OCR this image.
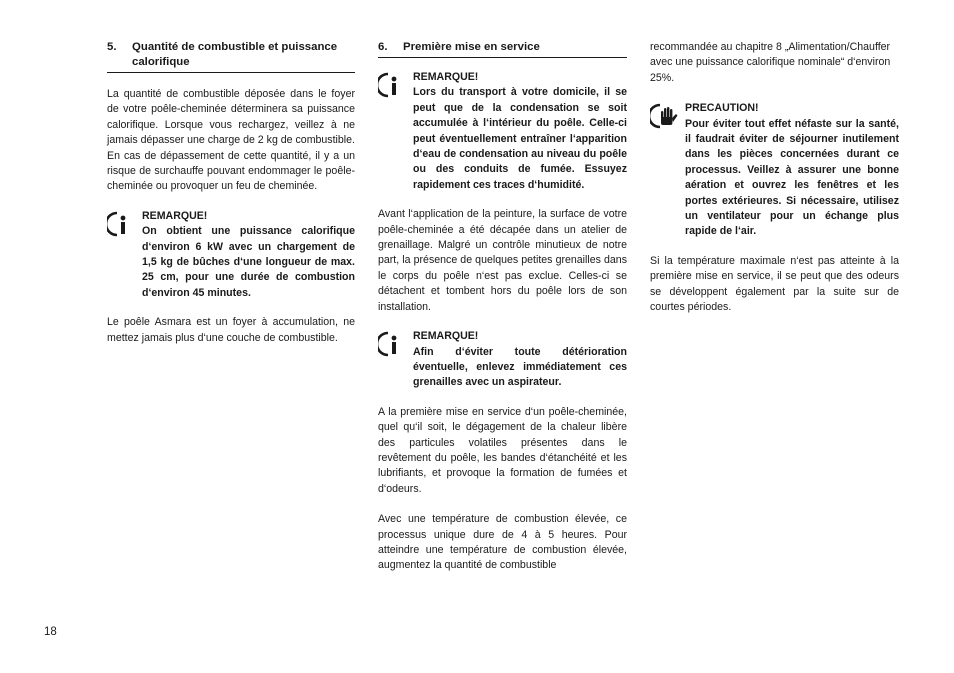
5.	Quantité de combustible et puissance calorifique

La quantité de combustible déposée dans le foyer de votre poêle-cheminée déterminera sa puissance calorifique. Lorsque vous rechargez, veillez à ne jamais dépasser une charge de 2 kg de combustible. En cas de dépassement de cette quantité, il y a un risque de surchauffe pouvant endommager le poêle-cheminée ou provoquer un feu de cheminée.

REMARQUE!
On obtient une puissance calorifique d‘environ 6 kW avec un chargement de 1,5 kg de bûches d‘une longueur de max. 25 cm, pour une durée de combustion d‘environ 45 minutes.

Le poêle Asmara est un foyer à accumulation, ne mettez jamais plus d‘une couche de combustible.

6.	Première mise en service
REMARQUE!
Lors du transport à votre domicile, il se peut que de la condensation se soit accumulée à l‘intérieur du poêle. Celle-ci peut éventuellement entraîner l‘apparition d‘eau de condensation au niveau du poêle ou des conduits de fumée. Essuyez rapidement ces traces d‘humidité.

Avant l‘application de la peinture, la surface de votre poêle-cheminée a été décapée dans un atelier de grenaillage. Malgré un contrôle minutieux de notre part, la présence de quelques petites grenailles dans le corps du poêle n‘est pas exclue. Celles-ci se détachent et tombent hors du poêle lors de son installation.

REMARQUE!
Afin d‘éviter toute détérioration éventuelle, enlevez immédiatement ces grenailles avec un aspirateur.

A la première mise en service d‘un poêle-cheminée, quel qu‘il soit, le dégagement de la chaleur libère des particules volatiles présentes dans le revêtement du poêle, les bandes d‘étanchéité et les lubrifiants, et provoque la formation de fumées et d‘odeurs.

Avec une température de combustion élevée, ce processus unique dure de 4 à 5 heures. Pour atteindre une température de combustion élevée, augmentez la quantité de combustible

recommandée au chapitre 8 „Alimentation/Chauffer avec une puissance calorifique nominale“ d‘environ 25%.

PRECAUTION!
Pour éviter tout effet néfaste sur la santé, il faudrait éviter de séjourner inutilement dans les pièces concernées durant ce processus. Veillez à assurer une bonne aération et ouvrez les fenêtres et les portes extérieures. Si nécessaire, utilisez un ventilateur pour un échange plus rapide de l‘air.

Si la température maximale n‘est pas atteinte à la première mise en service, il se peut que des odeurs se développent également par la suite sur de courtes périodes.

18
